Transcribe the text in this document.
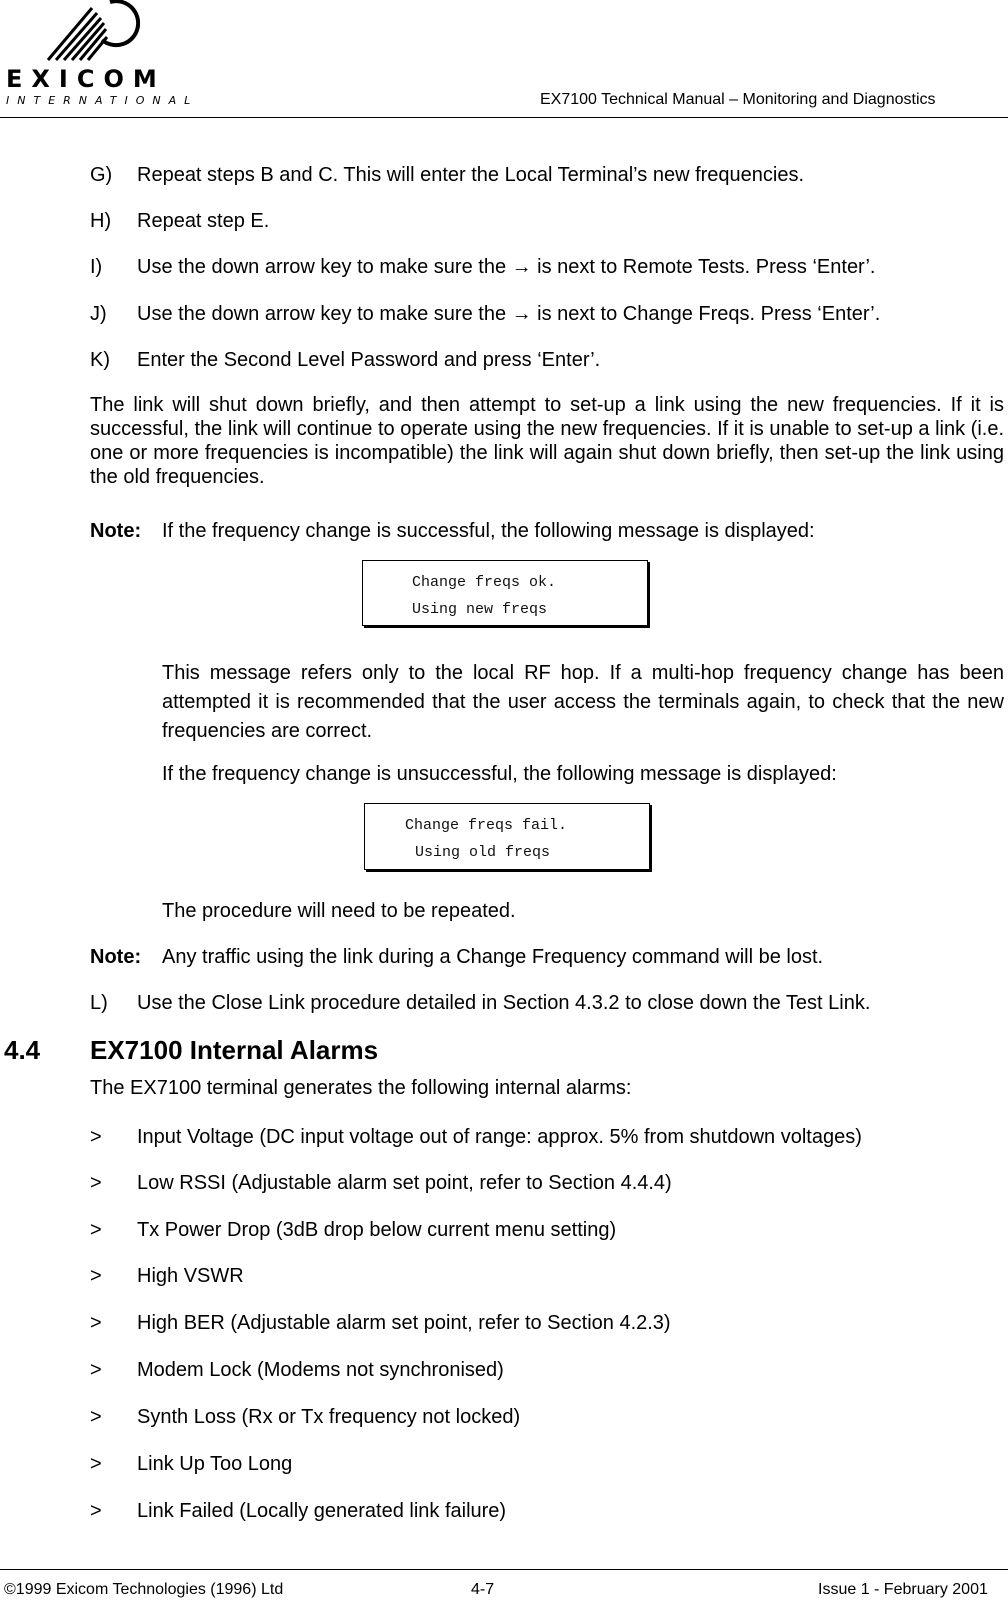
EXICOM
INTERNATIONAL	EX7100 Technical Manual – Monitoring and Diagnostics
G) Repeat steps B and C. This will enter the Local Terminal’s new frequencies.
H) Repeat step E.
I) Use the down arrow key to make sure the → is next to Remote Tests. Press ‘Enter’.
J) Use the down arrow key to make sure the → is next to Change Freqs. Press ‘Enter’.
K) Enter the Second Level Password and press ‘Enter’.
The link will shut down briefly, and then attempt to set-up a link using the new frequencies. If it is successful, the link will continue to operate using the new frequencies. If it is unable to set-up a link (i.e. one or more frequencies is incompatible) the link will again shut down briefly, then set-up the link using the old frequencies.
Note: If the frequency change is successful, the following message is displayed:
Change freqs ok.
Using new freqs
This message refers only to the local RF hop. If a multi-hop frequency change has been attempted it is recommended that the user access the terminals again, to check that the new frequencies are correct.
If the frequency change is unsuccessful, the following message is displayed:
Change freqs fail.
Using old freqs
The procedure will need to be repeated.
Note: Any traffic using the link during a Change Frequency command will be lost.
L) Use the Close Link procedure detailed in Section 4.3.2 to close down the Test Link.
4.4 EX7100 Internal Alarms
The EX7100 terminal generates the following internal alarms:
> Input Voltage (DC input voltage out of range: approx. 5% from shutdown voltages)
> Low RSSI (Adjustable alarm set point, refer to Section 4.4.4)
> Tx Power Drop (3dB drop below current menu setting)
> High VSWR
> High BER (Adjustable alarm set point, refer to Section 4.2.3)
> Modem Lock (Modems not synchronised)
> Synth Loss (Rx or Tx frequency not locked)
> Link Up Too Long
> Link Failed (Locally generated link failure)
©1999 Exicom Technologies (1996) Ltd	4-7	Issue 1 - February 2001
